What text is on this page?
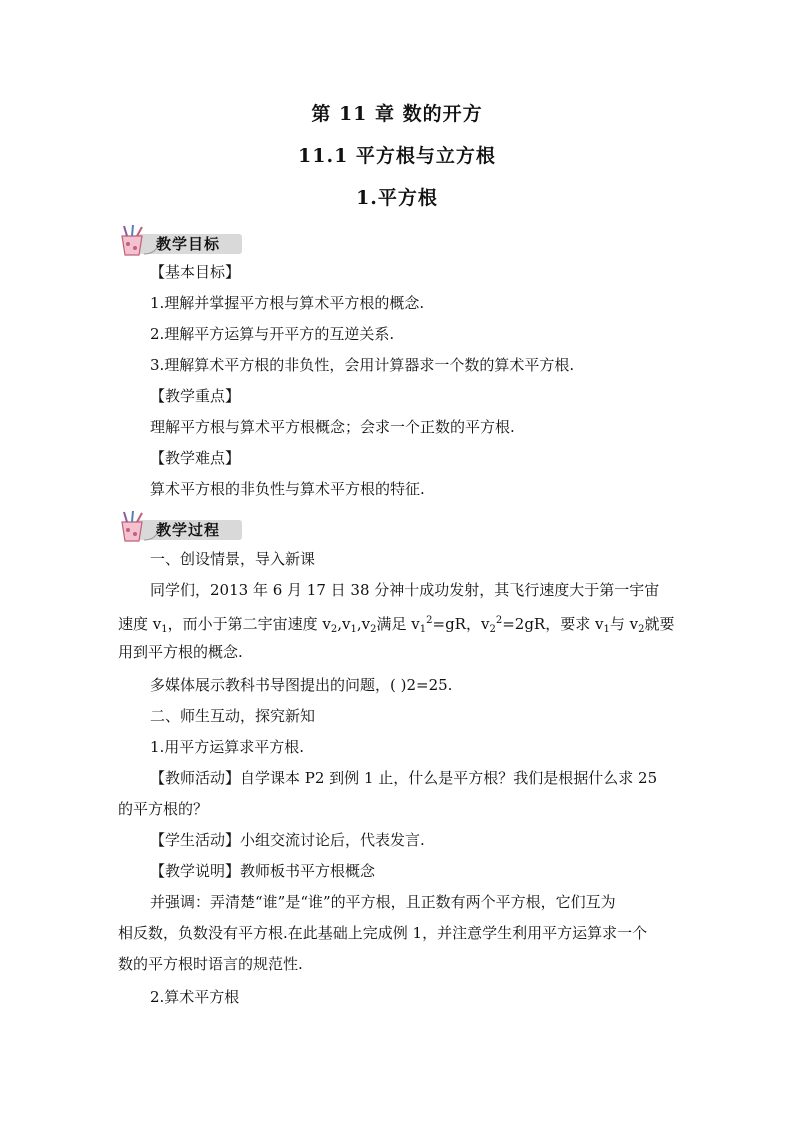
第 11 章 数的开方
11.1 平方根与立方根
1.平方根
教学目标
【基本目标】
1.理解并掌握平方根与算术平方根的概念.
2.理解平方运算与开平方的互逆关系.
3.理解算术平方根的非负性，会用计算器求一个数的算术平方根.
【教学重点】
理解平方根与算术平方根概念；会求一个正数的平方根.
【教学难点】
算术平方根的非负性与算术平方根的特征.
教学过程
一、创设情景，导入新课
同学们，2013 年 6 月 17 日 38 分神十成功发射，其飞行速度大于第一宇宙
速度 $v_1$，而小于第二宇宙速度 $v_2,v_1,v_2$满足 $v_1^2=gR$，$v_2^2=2gR$，要求 $v_1$与 $v_2$就要
用到平方根的概念.
多媒体展示教科书导图提出的问题，( )2=25.
二、师生互动，探究新知
1.用平方运算求平方根.
【教师活动】自学课本 P2 到例 1 止，什么是平方根？我们是根据什么求 25
的平方根的？
【学生活动】小组交流讨论后，代表发言.
【教学说明】教师板书平方根概念
并强调：弄清楚“谁”是“谁”的平方根，且正数有两个平方根，它们互为
相反数，负数没有平方根.在此基础上完成例 1，并注意学生利用平方运算求一个
数的平方根时语言的规范性.
2.算术平方根
